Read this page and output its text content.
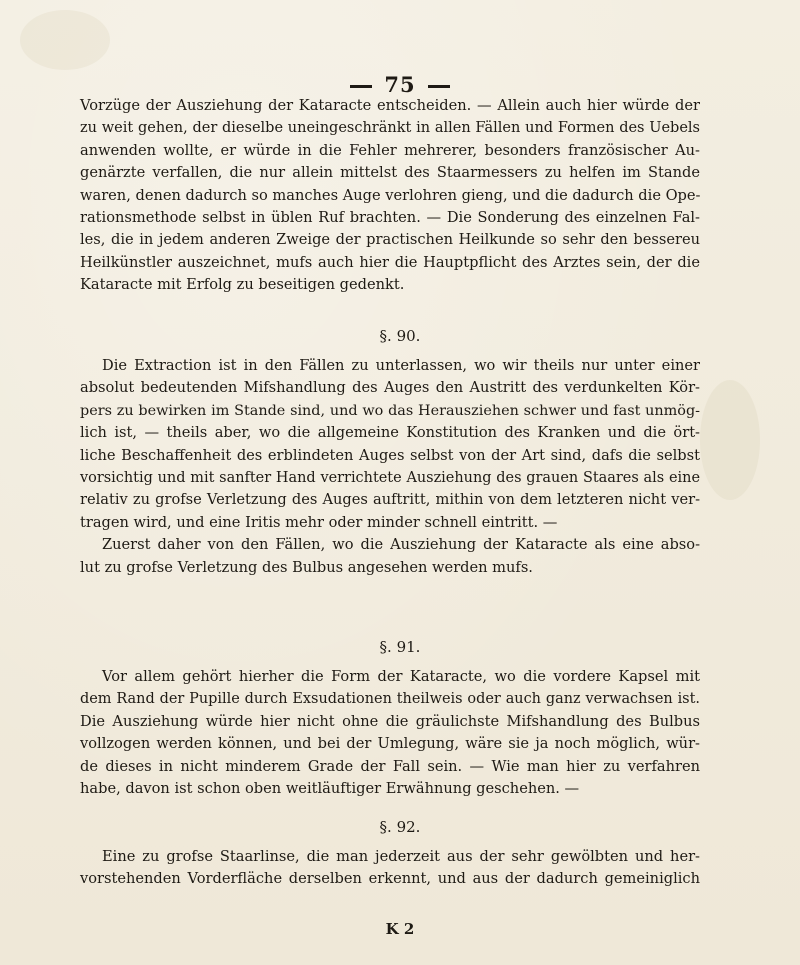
75
Vorzüge der Ausziehung der Kataracte entscheiden. — Allein auch hier würde der
zu weit gehen, der dieselbe uneingeschränkt in allen Fällen und Formen des Uebels
anwenden wollte, er würde in die Fehler mehrerer, besonders französischer Au-
genärzte verfallen, die nur allein mittelst des Staarmessers zu helfen im Stande
waren, denen dadurch so manches Auge verlohren gieng, und die dadurch die Ope-
rationsmethode selbst in üblen Ruf brachten. — Die Sonderung des einzelnen Fal-
les, die in jedem anderen Zweige der practischen Heilkunde so sehr den bessereu
Heilkünstler auszeichnet, mufs auch hier die Hauptpflicht des Arztes sein, der die
Kataracte mit Erfolg zu beseitigen gedenkt.
§. 90.
Die Extraction ist in den Fällen zu unterlassen, wo wir theils nur unter einer
absolut bedeutenden Mifshandlung des Auges den Austritt des verdunkelten Kör-
pers zu bewirken im Stande sind, und wo das Herausziehen schwer und fast unmög-
lich ist, — theils aber, wo die allgemeine Konstitution des Kranken und die ört-
liche Beschaffenheit des erblindeten Auges selbst von der Art sind, dafs die selbst
vorsichtig und mit sanfter Hand verrichtete Ausziehung des grauen Staares als eine
relativ zu grofse Verletzung des Auges auftritt, mithin von dem letzteren nicht ver-
tragen wird, und eine Iritis mehr oder minder schnell eintritt. —
Zuerst daher von den Fällen, wo die Ausziehung der Kataracte als eine abso-
lut zu grofse Verletzung des Bulbus angesehen werden mufs.
§. 91.
Vor allem gehört hierher die Form der Kataracte, wo die vordere Kapsel mit
dem Rand der Pupille durch Exsudationen theilweis oder auch ganz verwachsen ist.
Die Ausziehung würde hier nicht ohne die gräulichste Mifshandlung des Bulbus
vollzogen werden können, und bei der Umlegung, wäre sie ja noch möglich, wür-
de dieses in nicht minderem Grade der Fall sein. — Wie man hier zu verfahren
habe, davon ist schon oben weitläuftiger Erwähnung geschehen. —
§. 92.
Eine zu grofse Staarlinse, die man jederzeit aus der sehr gewölbten und her-
vorstehenden Vorderfläche derselben erkennt, und aus der dadurch gemeiniglich
K 2
